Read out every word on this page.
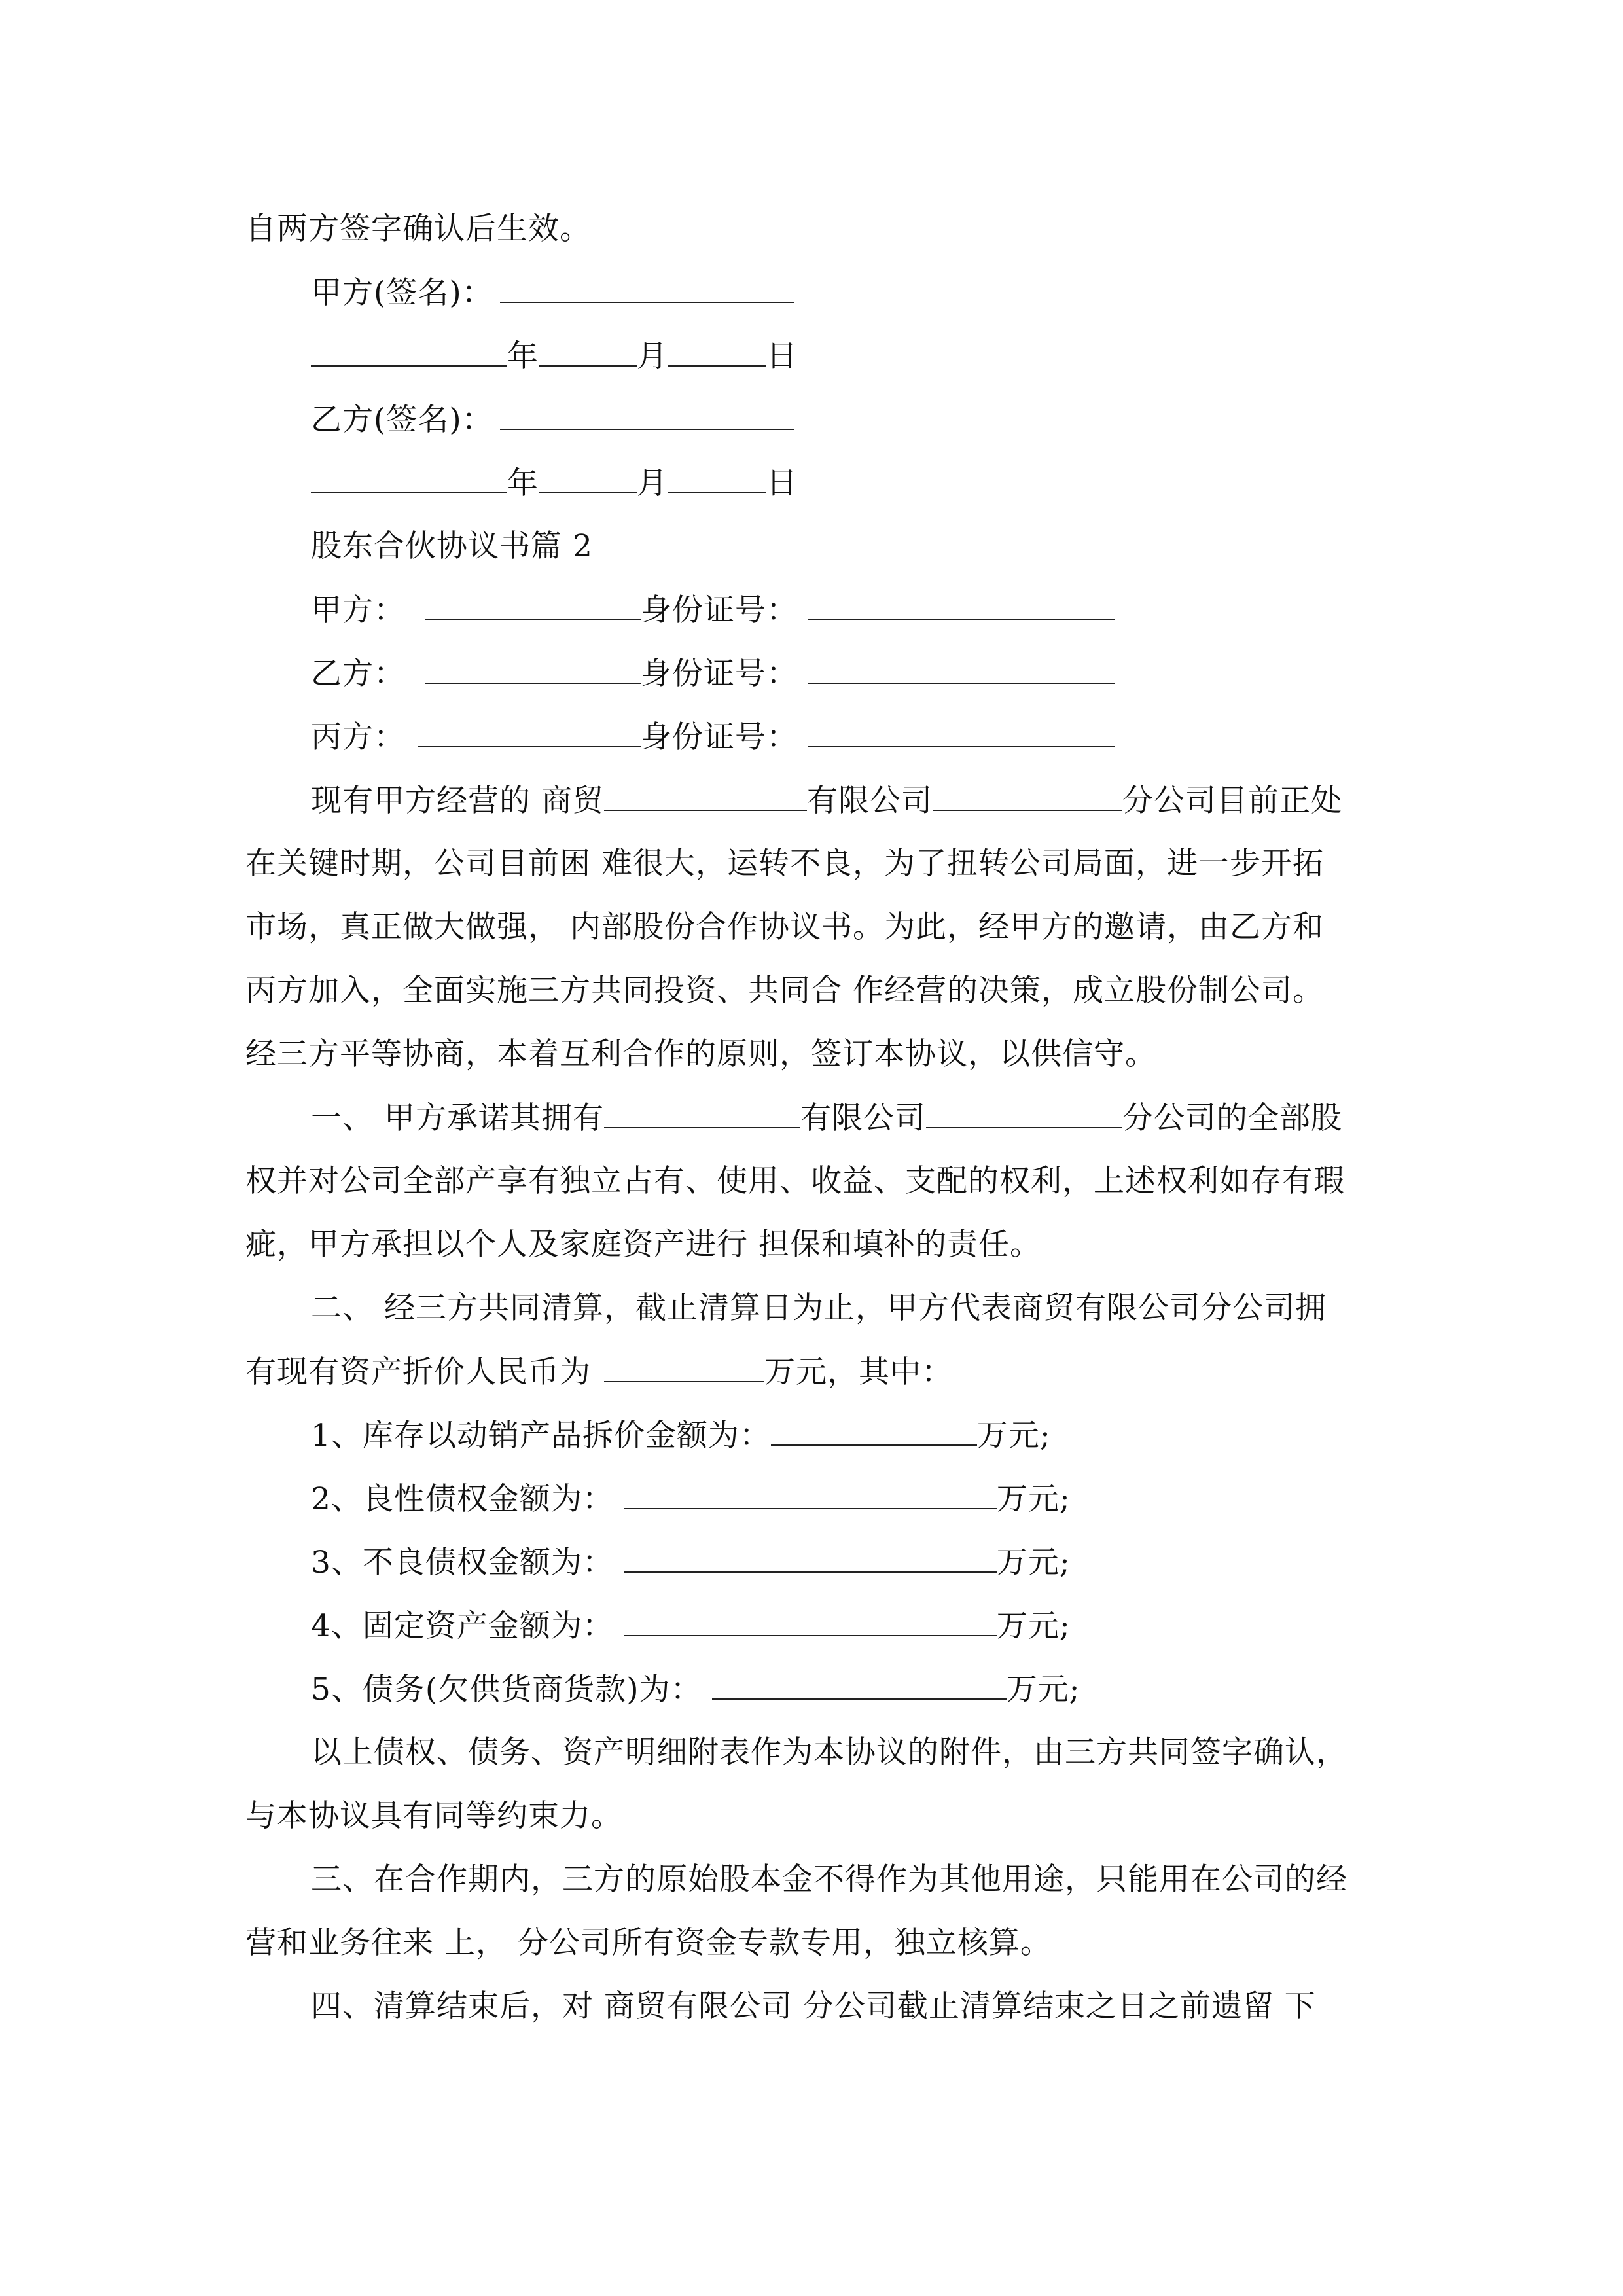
自两方签字确认后生效。
甲方(签名)：
年	月	日
乙方(签名)：
年	月	日
股东合伙协议书篇 2
甲方：	身份证号：
乙方：	身份证号：
丙方：	身份证号：
现有甲方经营的 商贸	有限公司	分公司目前正处
在关键时期，公司目前困 难很大，运转不良，为了扭转公司局面，进一步开拓
市场，真正做大做强， 内部股份合作协议书。为此，经甲方的邀请，由乙方和
丙方加入，全面实施三方共同投资、共同合 作经营的决策，成立股份制公司。
经三方平等协商，本着互利合作的原则，签订本协议，以供信守。
一、 甲方承诺其拥有	有限公司	分公司的全部股
权并对公司全部产享有独立占有、使用、收益、支配的权利，上述权利如存有瑕
疵，甲方承担以个人及家庭资产进行 担保和填补的责任。
二、 经三方共同清算，截止清算日为止，甲方代表商贸有限公司分公司拥
有现有资产折价人民币为	万元，其中：
1、库存以动销产品拆价金额为：	万元;
2、良性债权金额为：	万元;
3、不良债权金额为：	万元;
4、固定资产金额为：	万元;
5、债务(欠供货商货款)为：	万元;
以上债权、债务、资产明细附表作为本协议的附件，由三方共同签字确认，
与本协议具有同等约束力。
三、在合作期内，三方的原始股本金不得作为其他用途，只能用在公司的经
营和业务往来 上， 分公司所有资金专款专用，独立核算。
四、清算结束后，对 商贸有限公司 分公司截止清算结束之日之前遗留 下
